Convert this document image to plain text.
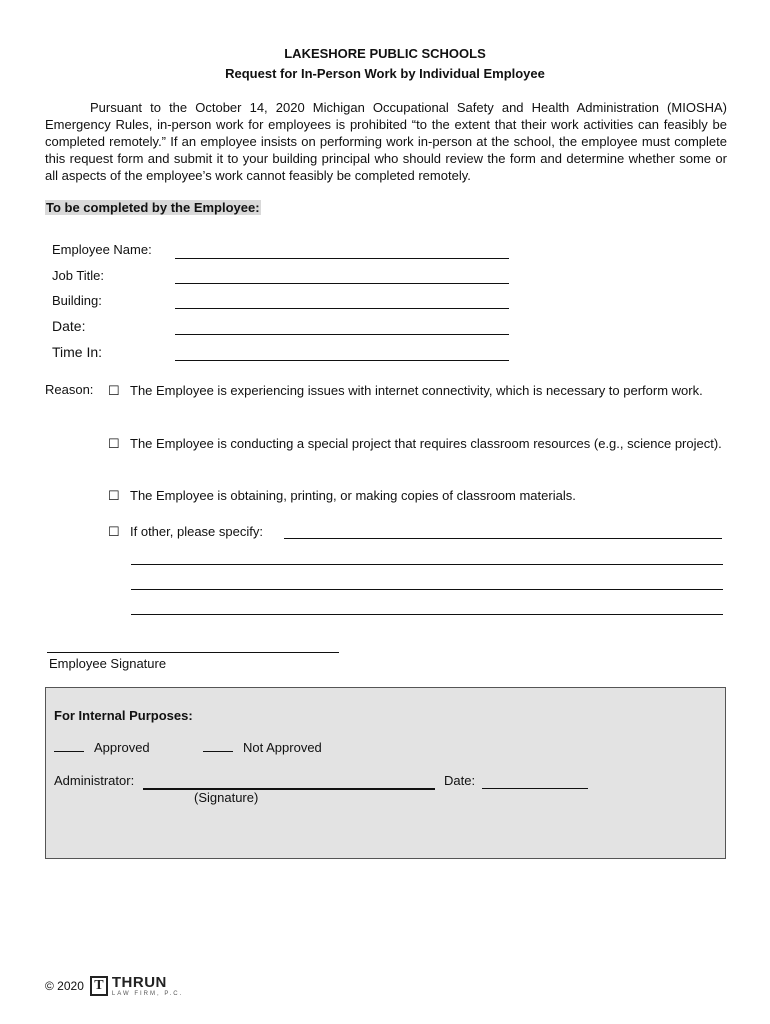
LAKESHORE PUBLIC SCHOOLS
Request for In-Person Work by Individual Employee

Pursuant to the October 14, 2020 Michigan Occupational Safety and Health Administration (MIOSHA) Emergency Rules, in-person work for employees is prohibited “to the extent that their work activities can feasibly be completed remotely.” If an employee insists on performing work in-person at the school, the employee must complete this request form and submit it to your building principal who should review the form and determine whether some or all aspects of the employee’s work cannot feasibly be completed remotely.

To be completed by the Employee:
Employee Name:
Job Title:
Building:
Date:
Time In:
Reason: ☐ The Employee is experiencing issues with internet connectivity, which is necessary to perform work.
☐ The Employee is conducting a special project that requires classroom resources (e.g., science project).
☐ The Employee is obtaining, printing, or making copies of classroom materials.
☐ If other, please specify:
Employee Signature
For Internal Purposes:
Approved	Not Approved
Administrator:	Date:
(Signature)
© 2020 T THRUN
LAW FIRM, P.C.
